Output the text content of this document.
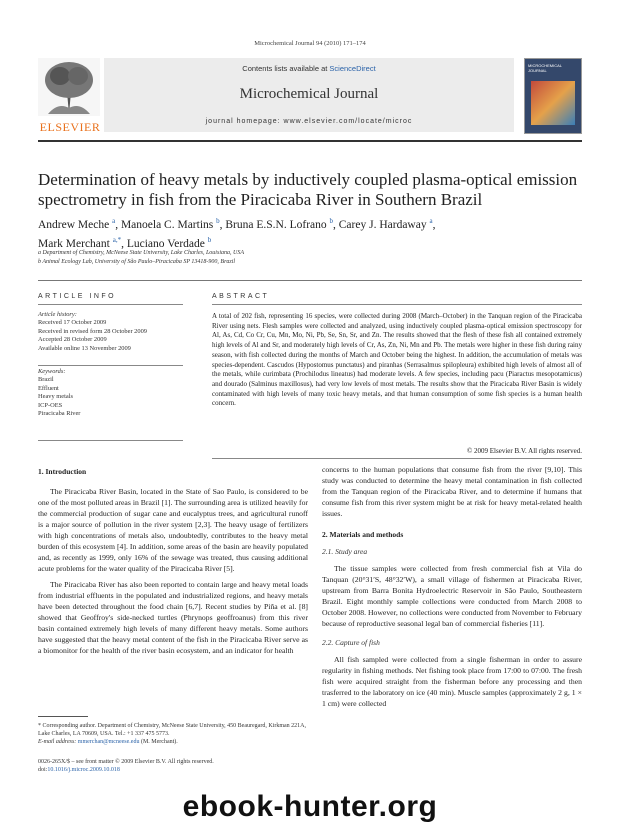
Microchemical Journal 94 (2010) 171–174
Contents lists available at ScienceDirect
Microchemical Journal
journal homepage: www.elsevier.com/locate/microc
ELSEVIER
MICROCHEMICAL JOURNAL
Determination of heavy metals by inductively coupled plasma-optical emission spectrometry in fish from the Piracicaba River in Southern Brazil
Andrew Meche $^a$, Manoela C. Martins $^b$, Bruna E.S.N. Lofrano $^b$, Carey J. Hardaway $^a$,
Mark Merchant $^{a,*}$, Luciano Verdade $^b$
a Department of Chemistry, McNeese State University, Lake Charles, Louisiana, USA
b Animal Ecology Lab, University of São Paulo–Piracicaba SP 13418-900, Brazil
ARTICLE INFO	ABSTRACT
Article history:
Received 17 October 2009
Received in revised form 28 October 2009
Accepted 28 October 2009
Available online 13 November 2009
Keywords:
Brazil
Effluent
Heavy metals
ICP-OES
Piracicaba River
A total of 202 fish, representing 16 species, were collected during 2008 (March–October) in the Tanquan region of the Piracicaba River using nets. Flesh samples were collected and analyzed, using inductively coupled plasma-optical emission spectroscopy for Al, As, Cd, Co Cr, Cu, Mn, Mo, Ni, Pb, Se, Sn, Sr, and Zn. The results showed that the flesh of these fish all contained extremely high levels of Al and Sr, and moderately high levels of Cr, As, Zn, Ni, Mn and Pb. The metals were higher in these fish during rainy season, with fish collected during the months of March and October being the highest. In addition, the accumulation of metals was species-dependent. Cascudos (Hypostomus punctatus) and piranhas (Serrasalmus spilopleura) exhibited high levels of almost all of the metals, while curimbata (Prochilodus lineatus) had moderate levels. A few species, including pacu (Piaractus mesopotamicus) and dourado (Salminus maxillosus), had very low levels of most metals. The results show that the Piracicaba River Basin is widely contaminated with high levels of many toxic heavy metals, and that human consumption of some fish species is a human health concern.
© 2009 Elsevier B.V. All rights reserved.
1. Introduction

The Piracicaba River Basin, located in the State of Sao Paulo, is considered to be one of the most polluted areas in Brazil [1]. The surrounding area is utilized heavily for the commercial production of sugar cane and eucalyptus trees, and agricultural runoff is a major source of pollution in the river system [2,3]. The heavy usage of fertilizers with high concentrations of metals also, undoubtedly, contributes to the heavy metal burden of this ecosystem [4]. In addition, some areas of the basin are heavily populated and, as recently as 1999, only 16% of the sewage was treated, thus causing additional acute problems for the water quality of the Piracicaba River [5].

The Piracicaba River has also been reported to contain large and heavy metal loads from industrial effluents in the populated and industrialized regions, and heavy metals have been detected throughout the food chain [6,7]. Recent studies by Piña et al. [8] showed that Geoffroy's side-necked turtles (Phrynops geoffroanus) from this river basin contained extremely high levels of many different heavy metals. Some authors have suggested that the heavy metal content of the fish in the Piracicaba River serve as a biomonitor for the health of the river basin ecosystem, and an indicator for health

concerns to the human populations that consume fish from the river [9,10]. This study was conducted to determine the heavy metal contamination in fish collected from the Tanquan region of the Piracicaba River, and to determine if humans that consume fish from this river system might be at risk for heavy metal-related health issues.

2. Materials and methods
2.1. Study area

The tissue samples were collected from fresh commercial fish at Vila do Tanquan (20°31′S, 48°32′W), a small village of fishermen at Piracicaba River, upstream from Barra Bonita Hydroelectric Reservoir in São Paulo, Southeastern Brazil. Eight monthly sample collections were conducted from March 2008 to October 2008. However, no collections were conducted from November to February because of reproductive seasonal legal ban of commercial fisheries [11].

2.2. Capture of fish

All fish sampled were collected from a single fisherman in order to assure regularity in fishing methods. Net fishing took place from 17:00 to 07:00. The fresh fish were acquired straight from the fisherman before any processing and then trasferred to the laboratory on ice (40 min). Muscle samples (approximately 2 g, 1 × 1 cm) were collected

* Corresponding author. Department of Chemistry, McNeese State University, 450 Beauregard, Kirkman 221A, Lake Charles, LA 70609, USA. Tel.: +1 337 475 5773.
E-mail address: mmerchan@mcneese.edu (M. Merchant).
0026-265X/$ – see front matter © 2009 Elsevier B.V. All rights reserved.
doi:10.1016/j.microc.2009.10.018
ebook-hunter.org
